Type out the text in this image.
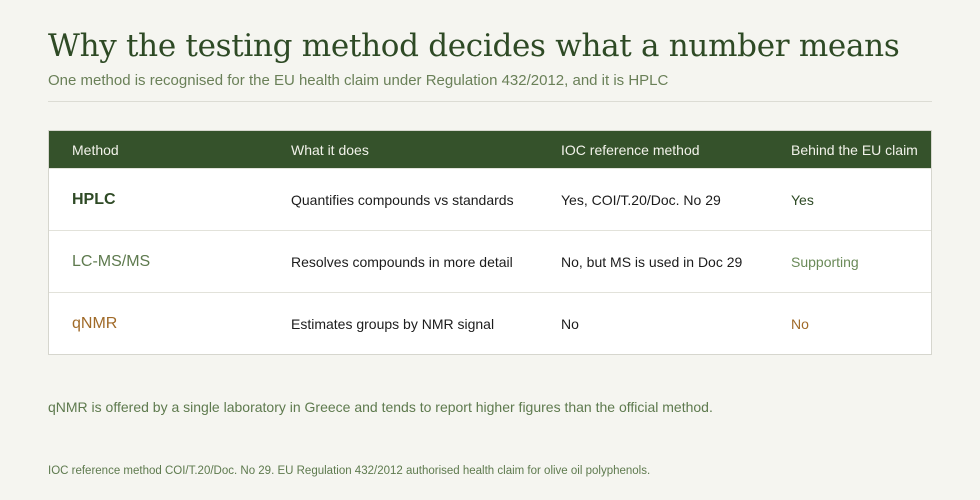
Why the testing method decides what a number means

One method is recognised for the EU health claim under Regulation 432/2012, and it is HPLC

Method	What it does	IOC reference method	Behind the EU claim
HPLC	Quantifies compounds vs standards	Yes, COI/T.20/Doc. No 29	Yes
LC-MS/MS	Resolves compounds in more detail	No, but MS is used in Doc 29	Supporting
qNMR	Estimates groups by NMR signal	No	No

qNMR is offered by a single laboratory in Greece and tends to report higher figures than the official method.

IOC reference method COI/T.20/Doc. No 29. EU Regulation 432/2012 authorised health claim for olive oil polyphenols.
